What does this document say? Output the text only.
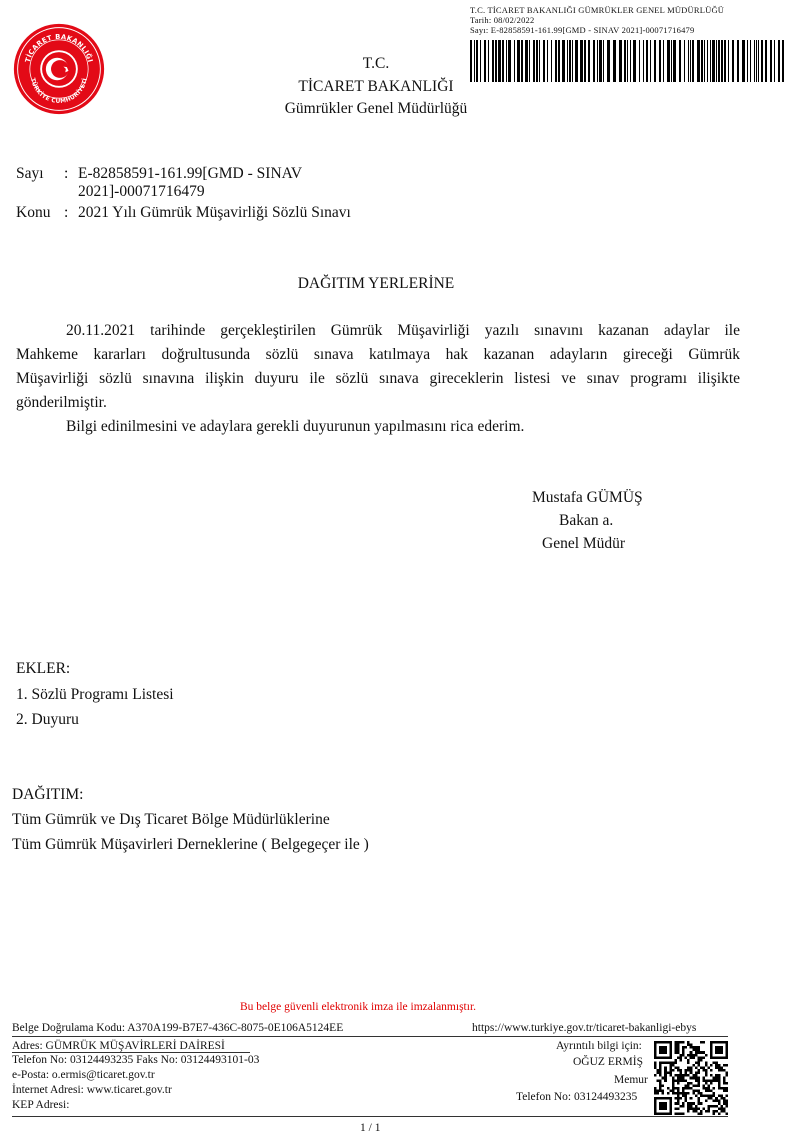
T.C. TİCARET BAKANLIĞI GÜMRÜKLER GENEL MÜDÜRLÜĞÜ
Tarih: 08/02/2022
Sayı: E-82858591-161.99[GMD - SINAV 2021]-00071716479
TİCARET BAKANLIĞI
TÜRKİYE CUMHURİYETİ
T.C.
TİCARET BAKANLIĞI
Gümrükler Genel Müdürlüğü
Sayı : E-82858591-161.99[GMD - SINAV
2021]-00071716479
Konu : 2021 Yılı Gümrük Müşavirliği Sözlü Sınavı
DAĞITIM YERLERİNE
20.11.2021 tarihinde gerçekleştirilen Gümrük Müşavirliği yazılı sınavını kazanan adaylar ile
Mahkeme kararları doğrultusunda sözlü sınava katılmaya hak kazanan adayların gireceği Gümrük
Müşavirliği sözlü sınavına ilişkin duyuru ile sözlü sınava gireceklerin listesi ve sınav programı ilişikte
gönderilmiştir.
Bilgi edinilmesini ve adaylara gerekli duyurunun yapılmasını rica ederim.
Mustafa GÜMÜŞ
Bakan a.
Genel Müdür
EKLER:
1. Sözlü Programı Listesi
2. Duyuru
DAĞITIM:
Tüm Gümrük ve Dış Ticaret Bölge Müdürlüklerine
Tüm Gümrük Müşavirleri Derneklerine ( Belgegeçer ile )
Bu belge güvenli elektronik imza ile imzalanmıştır.
Belge Doğrulama Kodu: A370A199-B7E7-436C-8075-0E106A5124EE	https://www.turkiye.gov.tr/ticaret-bakanligi-ebys
Adres: GÜMRÜK MÜŞAVİRLERİ DAİRESİ
Telefon No: 03124493235 Faks No: 03124493101-03
e-Posta: o.ermis@ticaret.gov.tr
İnternet Adresi: www.ticaret.gov.tr
KEP Adresi:
Ayrıntılı bilgi için:
OĞUZ ERMİŞ
Memur
Telefon No: 03124493235
1 / 1
